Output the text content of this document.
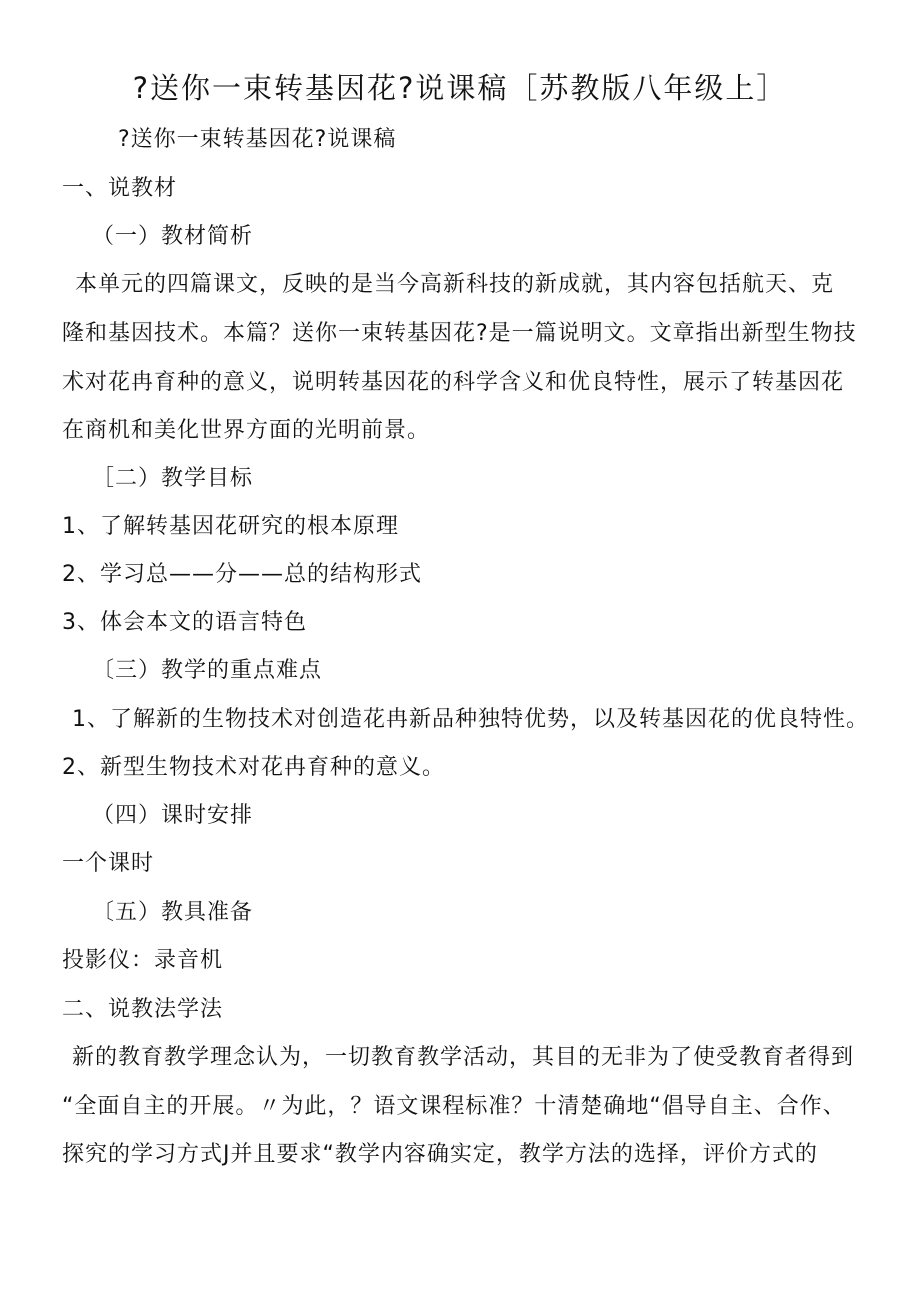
?送你一束转基因花?说课稿［苏教版八年级上］
?送你一束转基因花?说课稿
一、说教材
（一）教材简析
本单元的四篇课文，反映的是当今高新科技的新成就，其内容包括航天、克
隆和基因技术。本篇？送你一束转基因花?是一篇说明文。文章指出新型生物技
术对花冉育种的意义，说明转基因花的科学含义和优良特性，展示了转基因花
在商机和美化世界方面的光明前景。
［二）教学目标
1、了解转基因花研究的根本原理
2、学习总——分——总的结构形式
3、体会本文的语言特色
〔三）教学的重点难点
1、了解新的生物技术对创造花冉新品种独特优势，以及转基因花的优良特性。
2、新型生物技术对花冉育种的意义。
（四）课时安排
一个课时
〔五）教具准备
投影仪：录音机
二、说教法学法
新的教育教学理念认为，一切教育教学活动，其目的无非为了使受教育者得到
“全面自主的开展。〃为此，？语文课程标准？十清楚确地“倡导自主、合作、
探究的学习方式J并且要求“教学内容确实定，教学方法的选择，评价方式的
